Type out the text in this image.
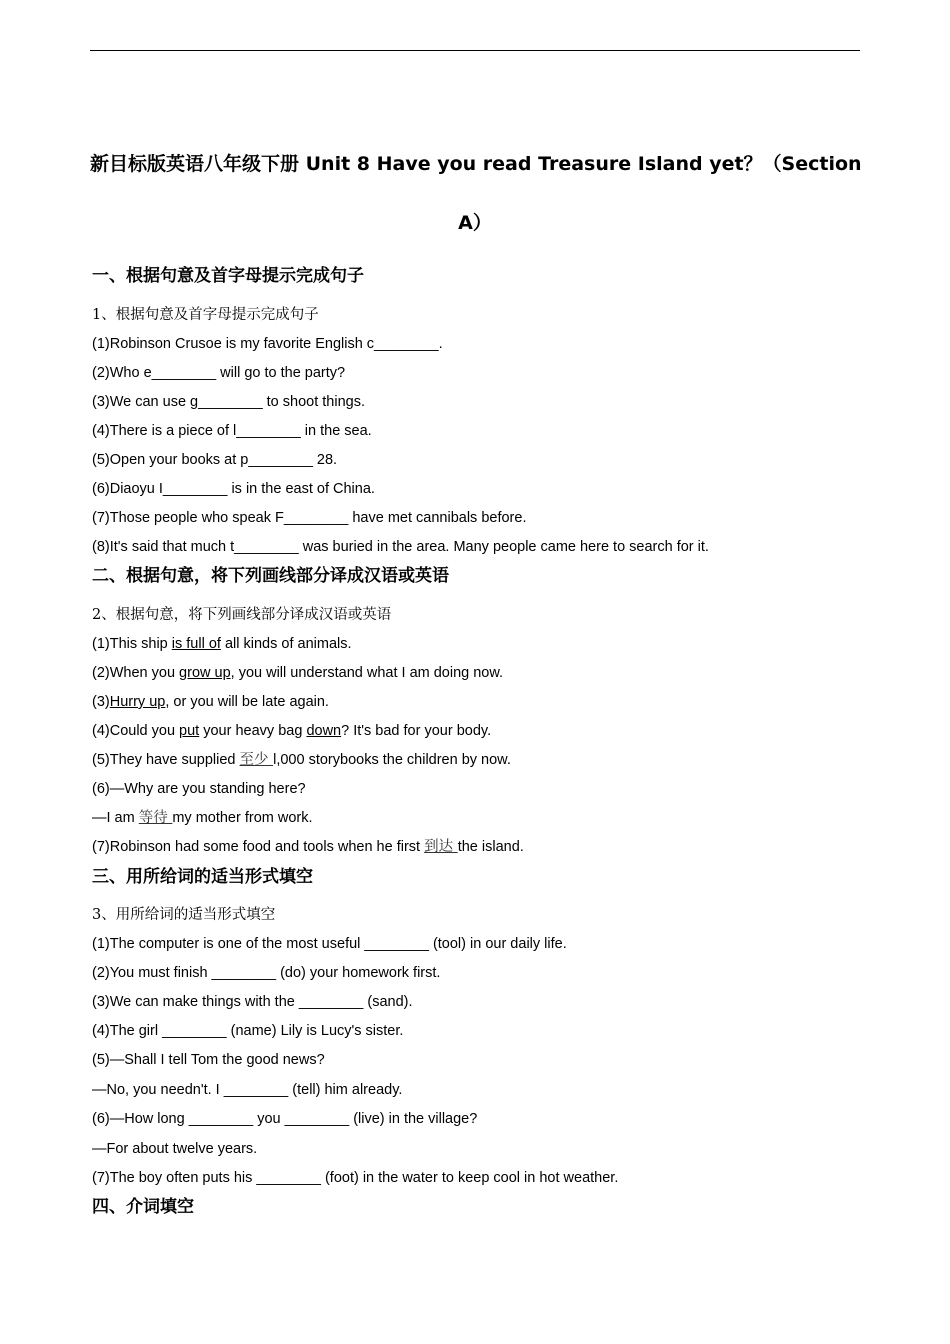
新目标版英语八年级下册 Unit 8 Have you read Treasure Island yet？（Section
A）
一、根据句意及首字母提示完成句子
1、根据句意及首字母提示完成句子
(1)Robinson Crusoe is my favorite English c________.
(2)Who e________ will go to the party?
(3)We can use g________ to shoot things.
(4)There is a piece of l________ in the sea.
(5)Open your books at p________ 28.
(6)Diaoyu I________ is in the east of China.
(7)Those people who speak F________ have met cannibals before.
(8)It's said that much t________ was buried in the area. Many people came here to search for it.
二、根据句意，将下列画线部分译成汉语或英语
2、根据句意，将下列画线部分译成汉语或英语
(1)This ship is full of all kinds of animals.
(2)When you grow up, you will understand what I am doing now.
(3)Hurry up, or you will be late again.
(4)Could you put your heavy bag down? It's bad for your body.
(5)They have supplied 至少 l,000 storybooks the children by now.
(6)—Why are you standing here?
—I am 等待 my mother from work.
(7)Robinson had some food and tools when he first 到达 the island.
三、用所给词的适当形式填空
3、用所给词的适当形式填空
(1)The computer is one of the most useful ________ (tool) in our daily life.
(2)You must finish ________ (do) your homework first.
(3)We can make things with the ________ (sand).
(4)The girl ________ (name) Lily is Lucy's sister.
(5)—Shall I tell Tom the good news?
—No, you needn't. I ________ (tell) him already.
(6)—How long ________ you ________ (live) in the village?
—For about twelve years.
(7)The boy often puts his ________ (foot) in the water to keep cool in hot weather.
四、介词填空
